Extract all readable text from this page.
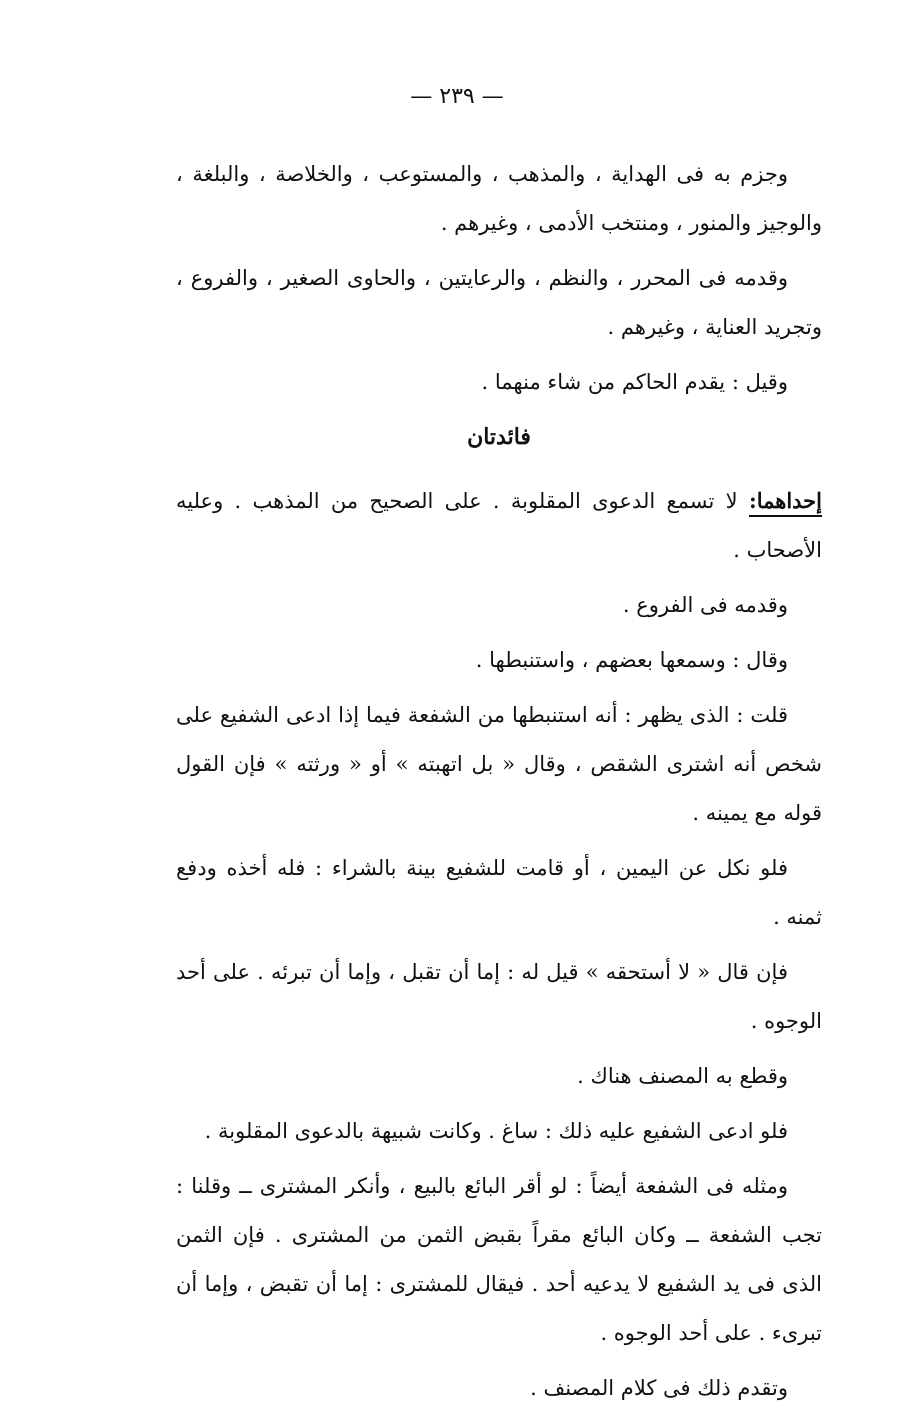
— ٢٣٩ —

وجزم به فى الهداية ، والمذهب ، والمستوعب ، والخلاصة ، والبلغة ، والوجيز والمنور ، ومنتخب الأدمى ، وغيرهم .

وقدمه فى المحرر ، والنظم ، والرعايتين ، والحاوى الصغير ، والفروع ، وتجريد العناية ، وغيرهم .

وقيل : يقدم الحاكم من شاء منهما .

فائدتان

إحداهما: لا تسمع الدعوى المقلوبة . على الصحيح من المذهب . وعليه الأصحاب .

وقدمه فى الفروع .

وقال : وسمعها بعضهم ، واستنبطها .

قلت : الذى يظهر : أنه استنبطها من الشفعة فيما إذا ادعى الشفيع على شخص أنه اشترى الشقص ، وقال « بل اتهبته » أو « ورثته » فإن القول قوله مع يمينه .

فلو نكل عن اليمين ، أو قامت للشفيع بينة بالشراء : فله أخذه ودفع ثمنه .

فإن قال « لا أستحقه » قيل له : إما أن تقبل ، وإما أن تبرئه . على أحد الوجوه .

وقطع به المصنف هناك .

فلو ادعى الشفيع عليه ذلك : ساغ . وكانت شبيهة بالدعوى المقلوبة .

ومثله فى الشفعة أيضاً : لو أقر البائع بالبيع ، وأنكر المشترى ــ وقلنا : تجب الشفعة ــ وكان البائع مقراً بقبض الثمن من المشترى . فإن الثمن الذى فى يد الشفيع لا يدعيه أحد . فيقال للمشترى : إما أن تقبض ، وإما أن تبرىء . على أحد الوجوه .

وتقدم ذلك فى كلام المصنف .
